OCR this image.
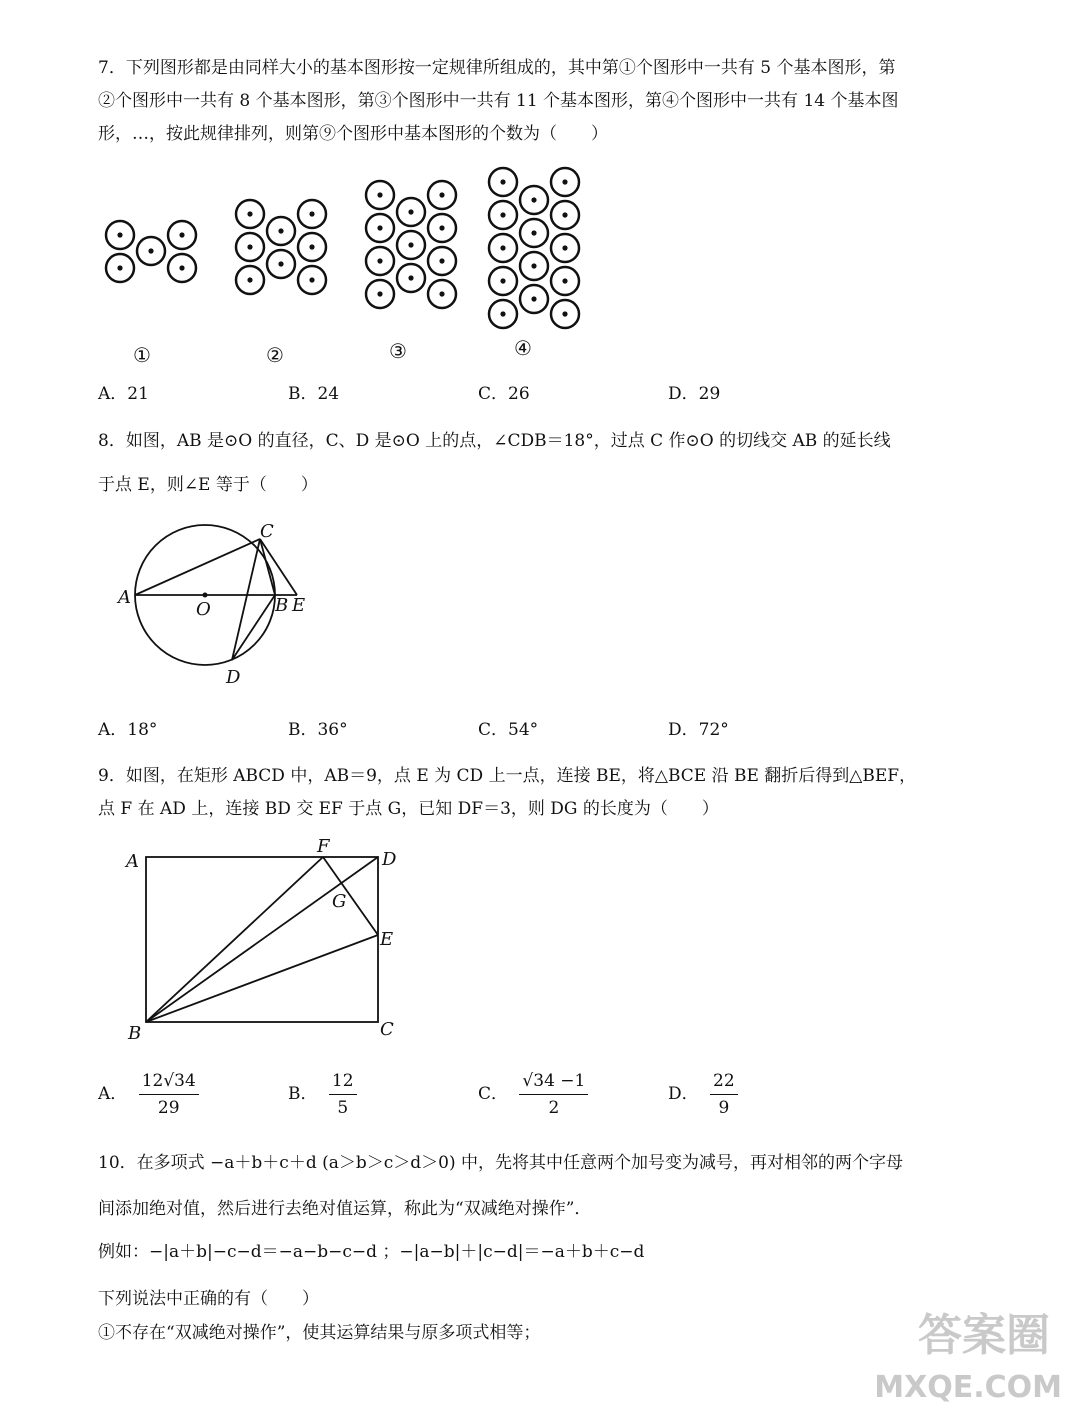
7．下列图形都是由同样大小的基本图形按一定规律所组成的，其中第①个图形中一共有 5 个基本图形，第
②个图形中一共有 8 个基本图形，第③个图形中一共有 11 个基本图形，第④个图形中一共有 14 个基本图
形，…，按此规律排列，则第⑨个图形中基本图形的个数为（　　）
①	②	③	④
A．21	B．24	C．26	D．29
8．如图，AB 是⊙O 的直径，C、D 是⊙O 上的点，∠CDB＝18°，过点 C 作⊙O 的切线交 AB 的延长线
于点 E，则∠E 等于（　　）
A
O	B E
C
D
A．18°	B．36°	C．54°	D．72°
9．如图，在矩形 ABCD 中，AB＝9，点 E 为 CD 上一点，连接 BE，将△BCE 沿 BE 翻折后得到△BEF，
点 F 在 AD 上，连接 BD 交 EF 于点 G，已知 DF＝3，则 DG 的长度为（　　）
A
F
D
G
E
B	C
A． $\frac{12√34}{29}$	B． $\frac{12}{5}$	C． $\frac{√34 -1}{2}$	D． $\frac{22}{9}$
10．在多项式 −a＋b＋c＋d (a＞b＞c＞d＞0) 中，先将其中任意两个加号变为减号，再对相邻的两个字母
间添加绝对值，然后进行去绝对值运算，称此为“双减绝对操作”．
例如：−|a＋b|−c−d＝−a−b−c−d ；−|a−b|＋|c−d|＝−a＋b＋c−d
下列说法中正确的有（　　）
①不存在“双减绝对操作”，使其运算结果与原多项式相等；	答案圈
MXQE.COM
